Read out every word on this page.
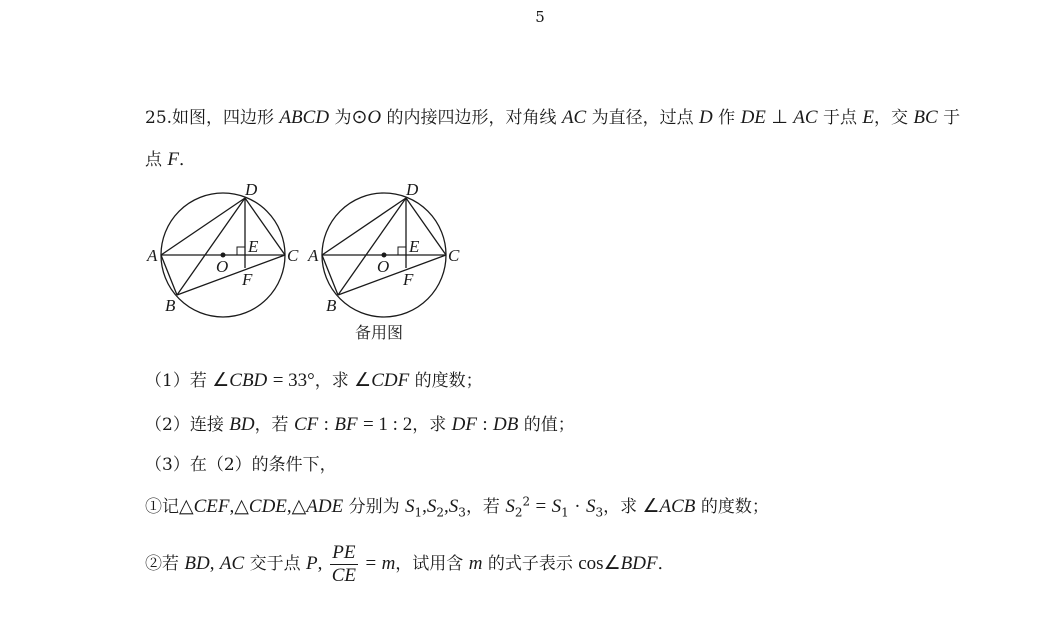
5
25.如图，四边形 ABCD 为⊙O 的内接四边形，对角线 AC 为直径，过点 D 作 DE ⊥ AC 于点 E，交 BC 于
点 F．
D
A	C
E
O
F
B
D
A	C
E
O
F
B
备用图
（1）若 ∠CBD = 33°，求 ∠CDF 的度数；
（2）连接 BD，若 CF : BF = 1 : 2，求 DF : DB 的值；
（3）在（2）的条件下，
①记△CEF,△CDE,△ADE 分别为 $S_1,S_2,S_3$，若 $S_2^2 = S_1 \cdot S_3$，求 ∠ACB 的度数；
②若 BD, AC 交于点 P, $\frac{PE}{CE} = m$，试用含 m 的式子表示 cos∠BDF．
